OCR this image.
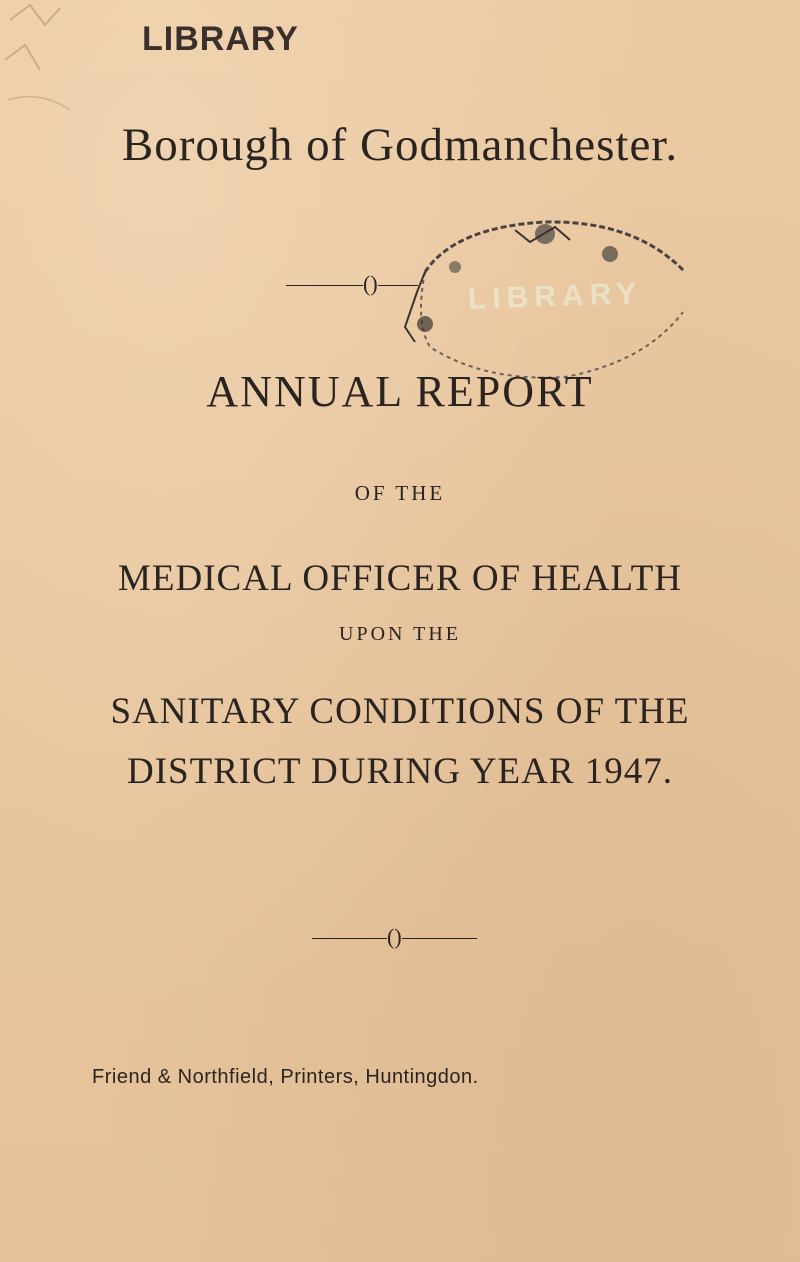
LIBRARY
Borough of Godmanchester.
()	LIBRARY
ANNUAL REPORT
OF THE
MEDICAL OFFICER OF HEALTH
UPON THE
SANITARY CONDITIONS OF THE
DISTRICT DURING YEAR 1947.
()
Friend & Northfield, Printers, Huntingdon.
